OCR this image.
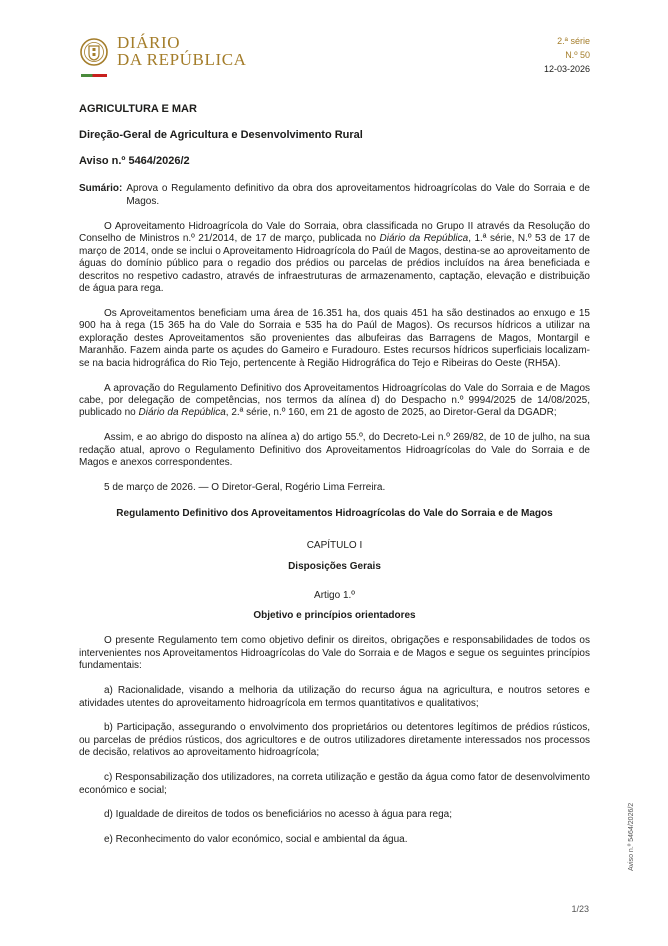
DIÁRIO
DA REPÚBLICA
2.ª série
N.º 50
12-03-2026
AGRICULTURA E MAR
Direção-Geral de Agricultura e Desenvolvimento Rural
Aviso n.º 5464/2026/2
Sumário: Aprova o Regulamento definitivo da obra dos aproveitamentos hidroagrícolas do Vale do Sorraia e de Magos.

O Aproveitamento Hidroagrícola do Vale do Sorraia, obra classificada no Grupo II através da Resolução do Conselho de Ministros n.º 21/2014, de 17 de março, publicada no Diário da República, 1.ª série, N.º 53 de 17 de março de 2014, onde se inclui o Aproveitamento Hidroagrícola do Paúl de Magos, destina-se ao aproveitamento de águas do domínio público para o regadio dos prédios ou parcelas de prédios incluídos na área beneficiada e descritos no respetivo cadastro, através de infraestruturas de armazenamento, captação, elevação e distribuição de água para rega.

Os Aproveitamentos beneficiam uma área de 16.351 ha, dos quais 451 ha são destinados ao enxugo e 15 900 ha à rega (15 365 ha do Vale do Sorraia e 535 ha do Paúl de Magos). Os recursos hídricos a utilizar na exploração destes Aproveitamentos são provenientes das albufeiras das Barragens de Magos, Montargil e Maranhão. Fazem ainda parte os açudes do Gameiro e Furadouro. Estes recursos hídricos superficiais localizam-se na bacia hidrográfica do Rio Tejo, pertencente à Região Hidrográfica do Tejo e Ribeiras do Oeste (RH5A).

A aprovação do Regulamento Definitivo dos Aproveitamentos Hidroagrícolas do Vale do Sorraia e de Magos cabe, por delegação de competências, nos termos da alínea d) do Despacho n.º 9994/2025 de 14/08/2025, publicado no Diário da República, 2.ª série, n.º 160, em 21 de agosto de 2025, ao Diretor-Geral da DGADR;

Assim, e ao abrigo do disposto na alínea a) do artigo 55.º, do Decreto-Lei n.º 269/82, de 10 de julho, na sua redação atual, aprovo o Regulamento Definitivo dos Aproveitamentos Hidroagrícolas do Vale do Sorraia e de Magos e anexos correspondentes.

5 de março de 2026. — O Diretor-Geral, Rogério Lima Ferreira.

Regulamento Definitivo dos Aproveitamentos Hidroagrícolas do Vale do Sorraia e de Magos
CAPÍTULO I
Disposições Gerais
Artigo 1.º
Objetivo e princípios orientadores

O presente Regulamento tem como objetivo definir os direitos, obrigações e responsabilidades de todos os intervenientes nos Aproveitamentos Hidroagrícolas do Vale do Sorraia e de Magos e segue os seguintes princípios fundamentais:

a) Racionalidade, visando a melhoria da utilização do recurso água na agricultura, e noutros setores e atividades utentes do aproveitamento hidroagrícola em termos quantitativos e qualitativos;

b) Participação, assegurando o envolvimento dos proprietários ou detentores legítimos de prédios rústicos, ou parcelas de prédios rústicos, dos agricultores e de outros utilizadores diretamente interessados nos processos de decisão, relativos ao aproveitamento hidroagrícola;

c) Responsabilização dos utilizadores, na correta utilização e gestão da água como fator de desenvolvimento económico e social;

d) Igualdade de direitos de todos os beneficiários no acesso à água para rega;

e) Reconhecimento do valor económico, social e ambiental da água.	Aviso n.º 5464/2026/2
1/23
